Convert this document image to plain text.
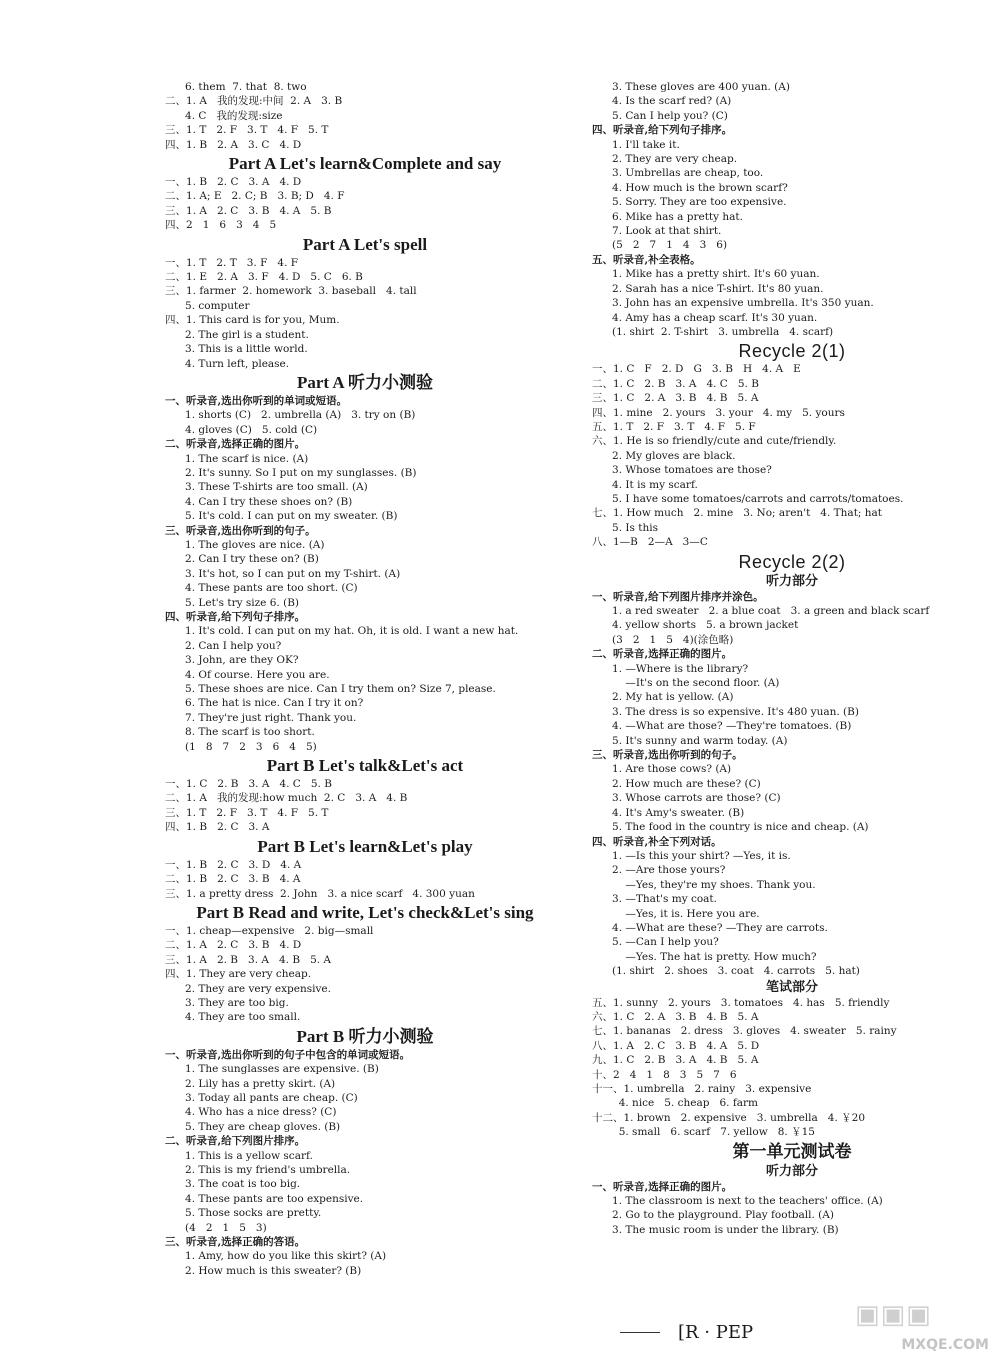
6. them  7. that  8. two
二、1. A   我的发现:中间  2. A   3. B
4. C   我的发现:size
三、1. T   2. F   3. T   4. F   5. T
四、1. B   2. A   3. C   4. D
Part A Let's learn&Complete and say
一、1. B   2. C   3. A   4. D
二、1. A; E   2. C; B   3. B; D   4. F
三、1. A   2. C   3. B   4. A   5. B
四、2   1   6   3   4   5
Part A Let's spell
一、1. T   2. T   3. F   4. F
二、1. E   2. A   3. F   4. D   5. C   6. B
三、1. farmer  2. homework  3. baseball   4. tall
5. computer
四、1. This card is for you, Mum.
2. The girl is a student.
3. This is a little world.
4. Turn left, please.
Part A 听力小测验
一、听录音,选出你听到的单词或短语。
1. shorts (C)   2. umbrella (A)   3. try on (B)
4. gloves (C)   5. cold (C)
二、听录音,选择正确的图片。
1. The scarf is nice. (A)
2. It's sunny. So I put on my sunglasses. (B)
3. These T-shirts are too small. (A)
4. Can I try these shoes on? (B)
5. It's cold. I can put on my sweater. (B)
三、听录音,选出你听到的句子。
1. The gloves are nice. (A)
2. Can I try these on? (B)
3. It's hot, so I can put on my T-shirt. (A)
4. These pants are too short. (C)
5. Let's try size 6. (B)
四、听录音,给下列句子排序。
1. It's cold. I can put on my hat. Oh, it is old. I want a new hat.
2. Can I help you?
3. John, are they OK?
4. Of course. Here you are.
5. These shoes are nice. Can I try them on? Size 7, please.
6. The hat is nice. Can I try it on?
7. They're just right. Thank you.
8. The scarf is too short.
(1   8   7   2   3   6   4   5)
Part B Let's talk&Let's act
一、1. C   2. B   3. A   4. C   5. B
二、1. A   我的发现:how much  2. C   3. A   4. B
三、1. T   2. F   3. T   4. F   5. T
四、1. B   2. C   3. A
Part B Let's learn&Let's play
一、1. B   2. C   3. D   4. A
二、1. B   2. C   3. B   4. A
三、1. a pretty dress  2. John   3. a nice scarf   4. 300 yuan
Part B Read and write, Let's check&Let's sing
一、1. cheap—expensive   2. big—small
二、1. A   2. C   3. B   4. D
三、1. A   2. B   3. A   4. B   5. A
四、1. They are very cheap.
2. They are very expensive.
3. They are too big.
4. They are too small.
Part B 听力小测验
一、听录音,选出你听到的句子中包含的单词或短语。
1. The sunglasses are expensive. (B)
2. Lily has a pretty skirt. (A)
3. Today all pants are cheap. (C)
4. Who has a nice dress? (C)
5. They are cheap gloves. (B)
二、听录音,给下列图片排序。
1. This is a yellow scarf.
2. This is my friend's umbrella.
3. The coat is too big.
4. These pants are too expensive.
5. Those socks are pretty.
(4   2   1   5   3)
三、听录音,选择正确的答语。
1. Amy, how do you like this skirt? (A)
2. How much is this sweater? (B)
3. These gloves are 400 yuan. (A)
4. Is the scarf red? (A)
5. Can I help you? (C)
四、听录音,给下列句子排序。
1. I'll take it.
2. They are very cheap.
3. Umbrellas are cheap, too.
4. How much is the brown scarf?
5. Sorry. They are too expensive.
6. Mike has a pretty hat.
7. Look at that shirt.
(5   2   7   1   4   3   6)
五、听录音,补全表格。
1. Mike has a pretty shirt. It's 60 yuan.
2. Sarah has a nice T-shirt. It's 80 yuan.
3. John has an expensive umbrella. It's 350 yuan.
4. Amy has a cheap scarf. It's 30 yuan.
(1. shirt  2. T-shirt   3. umbrella   4. scarf)
Recycle 2(1)
一、1. C   F   2. D   G   3. B   H   4. A   E
二、1. C   2. B   3. A   4. C   5. B
三、1. C   2. A   3. B   4. B   5. A
四、1. mine   2. yours   3. your   4. my   5. yours
五、1. T   2. F   3. T   4. F   5. F
六、1. He is so friendly/cute and cute/friendly.
2. My gloves are black.
3. Whose tomatoes are those?
4. It is my scarf.
5. I have some tomatoes/carrots and carrots/tomatoes.
七、1. How much   2. mine   3. No; aren't   4. That; hat
5. Is this
八、1—B   2—A   3—C
Recycle 2(2)
听力部分
一、听录音,给下列图片排序并涂色。
1. a red sweater   2. a blue coat   3. a green and black scarf
4. yellow shorts   5. a brown jacket
(3   2   1   5   4)(涂色略)
二、听录音,选择正确的图片。
1. —Where is the library?
—It's on the second floor. (A)
2. My hat is yellow. (A)
3. The dress is so expensive. It's 480 yuan. (B)
4. —What are those? —They're tomatoes. (B)
5. It's sunny and warm today. (A)
三、听录音,选出你听到的句子。
1. Are those cows? (A)
2. How much are these? (C)
3. Whose carrots are those? (C)
4. It's Amy's sweater. (B)
5. The food in the country is nice and cheap. (A)
四、听录音,补全下列对话。
1. —Is this your shirt? —Yes, it is.
2. —Are those yours?
—Yes, they're my shoes. Thank you.
3. —That's my coat.
—Yes, it is. Here you are.
4. —What are these? —They are carrots.
5. —Can I help you?
—Yes. The hat is pretty. How much?
(1. shirt   2. shoes   3. coat   4. carrots   5. hat)
笔试部分
五、1. sunny   2. yours   3. tomatoes   4. has   5. friendly
六、1. C   2. A   3. B   4. B   5. A
七、1. bananas   2. dress   3. gloves   4. sweater   5. rainy
八、1. A   2. C   3. B   4. A   5. D
九、1. C   2. B   3. A   4. B   5. A
十、2   4   1   8   3   5   7   6
十一、1. umbrella   2. rainy   3. expensive
4. nice   5. cheap   6. farm
十二、1. brown   2. expensive   3. umbrella   4. ￥20
5. small   6. scarf   7. yellow   8. ￥15
第一单元测试卷
听力部分
一、听录音,选择正确的图片。
1. The classroom is next to the teachers' office. (A)
2. Go to the playground. Play football. (A)
3. The music room is under the library. (B)
[R · PEP
▣▣▣
MXQE.COM
